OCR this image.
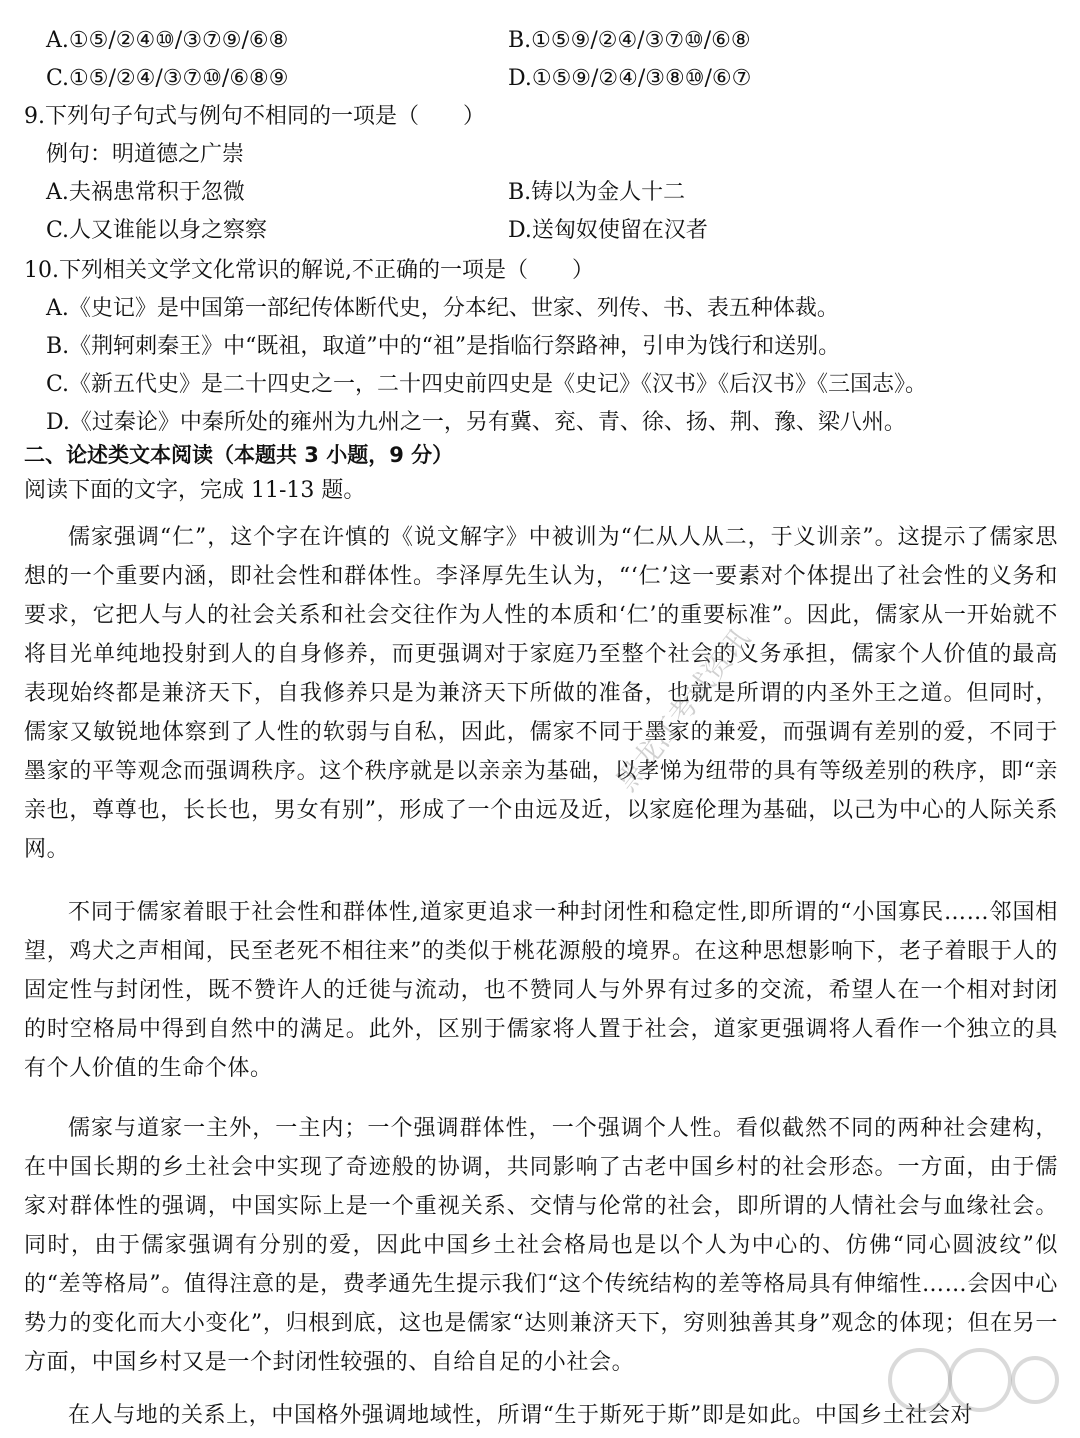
A.①⑤/②④⑩/③⑦⑨/⑥⑧	B.①⑤⑨/②④/③⑦⑩/⑥⑧
C.①⑤/②④/③⑦⑩/⑥⑧⑨	D.①⑤⑨/②④/③⑧⑩/⑥⑦
9.下列句子句式与例句不相同的一项是（　　）
例句：明道德之广崇
A.夫祸患常积于忽微	B.铸以为金人十二
C.人又谁能以身之察察	D.送匈奴使留在汉者
10.下列相关文学文化常识的解说,不正确的一项是（　　）
A.《史记》是中国第一部纪传体断代史，分本纪、世家、列传、书、表五种体裁。
B.《荆轲刺秦王》中“既祖，取道”中的“祖”是指临行祭路神，引申为饯行和送别。
C.《新五代史》是二十四史之一，二十四史前四史是《史记》《汉书》《后汉书》《三国志》。
D.《过秦论》中秦所处的雍州为九州之一，另有冀、兖、青、徐、扬、荆、豫、梁八州。
二、论述类文本阅读（本题共 3 小题，9 分）
阅读下面的文字，完成 11-13 题。
儒家强调“仁”，这个字在许慎的《说文解字》中被训为“仁从人从二，于义训亲”。这提示了儒家思想的一个重要内涵，即社会性和群体性。李泽厚先生认为，“‘仁’这一要素对个体提出了社会性的义务和要求，它把人与人的社会关系和社会交往作为人性的本质和‘仁’的重要标准”。因此，儒家从一开始就不将目光单纯地投射到人的自身修养，而更强调对于家庭乃至整个社会的义务承担，儒家个人价值的最高表现始终都是兼济天下，自我修养只是为兼济天下所做的准备，也就是所谓的内圣外王之道。但同时，儒家又敏锐地体察到了人性的软弱与自私，因此，儒家不同于墨家的兼爱，而强调有差别的爱，不同于墨家的平等观念而强调秩序。这个秩序就是以亲亲为基础，以孝悌为纽带的具有等级差别的秩序，即“亲亲也，尊尊也，长长也，男女有别”，形成了一个由远及近，以家庭伦理为基础，以己为中心的人际关系网。
不同于儒家着眼于社会性和群体性,道家更追求一种封闭性和稳定性,即所谓的“小国寡民……邻国相望，鸡犬之声相闻，民至老死不相往来”的类似于桃花源般的境界。在这种思想影响下，老子着眼于人的固定性与封闭性，既不赞许人的迁徙与流动，也不赞同人与外界有过多的交流，希望人在一个相对封闭的时空格局中得到自然中的满足。此外，区别于儒家将人置于社会，道家更强调将人看作一个独立的具有个人价值的生命个体。
儒家与道家一主外，一主内；一个强调群体性，一个强调个人性。看似截然不同的两种社会建构，在中国长期的乡土社会中实现了奇迹般的协调，共同影响了古老中国乡村的社会形态。一方面，由于儒家对群体性的强调，中国实际上是一个重视关系、交情与伦常的社会，即所谓的人情社会与血缘社会。同时，由于儒家强调有分别的爱，因此中国乡土社会格局也是以个人为中心的、仿佛“同心圆波纹”似的“差等格局”。值得注意的是，费孝通先生提示我们“这个传统结构的差等格局具有伸缩性……会因中心势力的变化而大小变化”，归根到底，这也是儒家“达则兼济天下，穷则独善其身”观念的体现；但在另一方面，中国乡村又是一个封闭性较强的、自给自足的小社会。
在人与地的关系上，中国格外强调地域性，所谓“生于斯死于斯”即是如此。中国乡土社会对
黑龙江考试资讯
